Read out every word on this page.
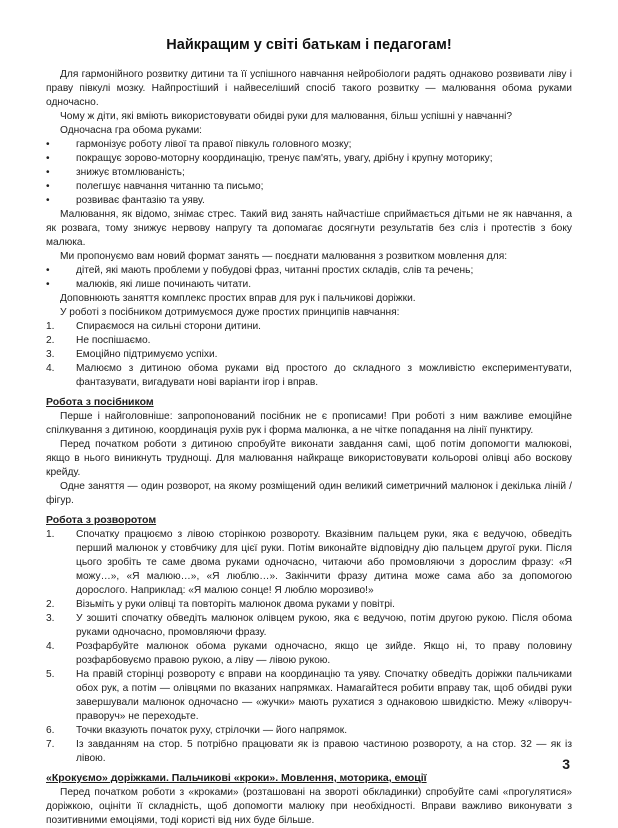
Найкращим у світі батькам і педагогам!

Для гармонійного розвитку дитини та її успішного навчання нейробіологи радять однаково розвивати ліву і праву півкулі мозку. Найпростіший і найвеселіший спосіб такого розвитку — малювання обома руками одночасно.

Чому ж діти, які вміють використовувати обидві руки для малювання, більш успішні у навчанні?

Одночасна гра обома руками:

• гармонізує роботу лівої та правої півкуль головного мозку;
• покращує зорово-моторну координацію, тренує пам'ять, увагу, дрібну і крупну моторику;
• знижує втомлюваність;
• полегшує навчання читанню та письмо;
• розвиває фантазію та уяву.

Малювання, як відомо, знімає стрес. Такий вид занять найчастіше сприймається дітьми не як навчання, а як розвага, тому знижує нервову напругу та допомагає досягнути результатів без сліз і протестів з боку малюка.

Ми пропонуємо вам новий формат занять — поєднати малювання з розвитком мовлення для:

• дітей, які мають проблеми у побудові фраз, читанні простих складів, слів та речень;
• малюків, які лише починають читати.

Доповнюють заняття комплекс простих вправ для рук і пальчикові доріжки.

У роботі з посібником дотримуємося дуже простих принципів навчання:

1. Спираємося на сильні сторони дитини.
2. Не поспішаємо.
3. Емоційно підтримуємо успіхи.
4. Малюємо з дитиною обома руками від простого до складного з можливістю експериментувати, фантазувати, вигадувати нові варіанти ігор і вправ.
Робота з посібником

Перше і найголовніше: запропонований посібник не є прописами! При роботі з ним важливе емоційне спілкування з дитиною, координація рухів рук і форма малюнка, а не чітке попадання на лінії пунктиру.

Перед початком роботи з дитиною спробуйте виконати завдання самі, щоб потім допомогти малюкові, якщо в нього виникнуть труднощі. Для малювання найкраще використовувати кольорові олівці або воскову крейду.

Одне заняття — один розворот, на якому розміщений один великий симетричний малюнок і декілька ліній / фігур.

Робота з розворотом
1. Спочатку працюємо з лівою сторінкою розвороту. Вказівним пальцем руки, яка є ведучою, обведіть перший малюнок у стовбчику для цієї руки. Потім виконайте відповідну дію пальцем другої руки. Після цього зробіть те саме двома руками одночасно, читаючи або промовляючи з дорослим фразу: «Я можу…», «Я малюю…», «Я люблю…». Закінчити фразу дитина може сама або за допомогою дорослого. Наприклад: «Я малюю сонце! Я люблю морозиво!»
2. Візьміть у руки олівці та повторіть малюнок двома руками у повітрі.
3. У зошиті спочатку обведіть малюнок олівцем рукою, яка є ведучою, потім другою рукою. Після обома руками одночасно, промовляючи фразу.
4. Розфарбуйте малюнок обома руками одночасно, якщо це зийде. Якщо ні, то праву половину розфарбовуємо правою рукою, а ліву — лівою рукою.
5. На правій сторінці розвороту є вправи на координацію та уяву. Спочатку обведіть доріжки пальчиками обох рук, а потім — олівцями по вказаних напрямках. Намагайтеся робити вправу так, щоб обидві руки завершували малюнок одночасно — «жучки» мають рухатися з однаковою швидкістю. Межу «ліворуч-праворуч» не переходьте.
6. Точки вказують початок руху, стрілочки — його напрямок.
7. Із завданням на стор. 5 потрібно працювати як із правою частиною розвороту, а на стор. 32 — як із лівою.
«Крокуємо» доріжками. Пальчикові «кроки». Мовлення, моторика, емоції

Перед початком роботи з «кроками» (розташовані на звороті обкладинки) спробуйте самі «прогулятися» доріжкою, оцініти її складність, щоб допомогти малюку при необхідності. Вправи важливо виконувати з позитивними емоціями, тоді користі від них буде більше.

3
